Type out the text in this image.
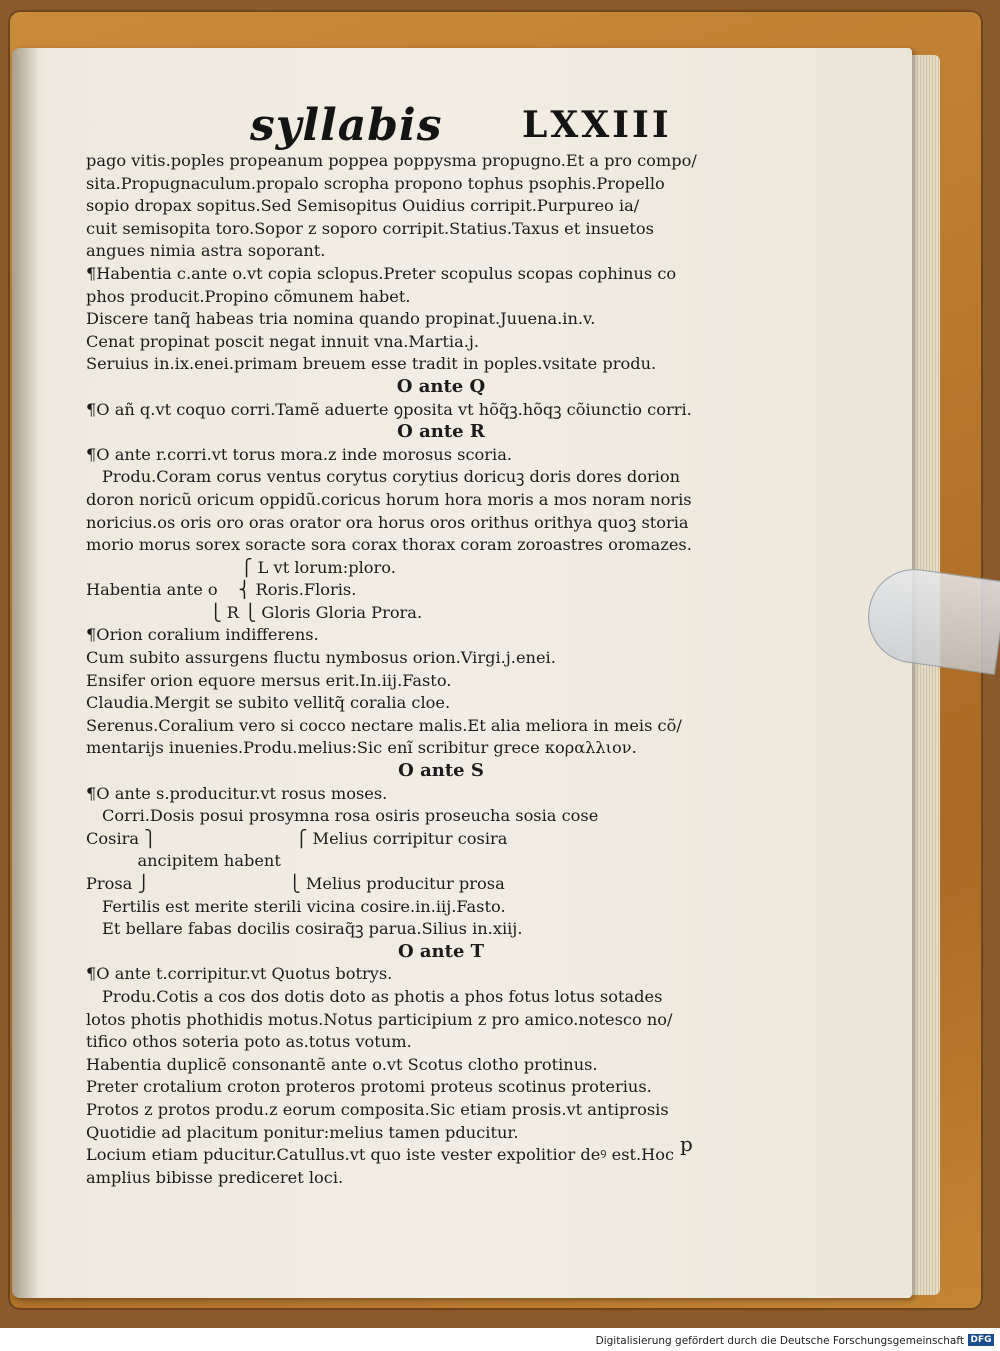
syllabis LXXIII
pago vitis.poples propeanum poppea poppysma propugno.Et a pro compo/
sita.Propugnaculum.propalo scropha propono tophus psophis.Propello
sopio dropax sopitus.Sed Semisopitus Ouidius corripit.Purpureo ia/
cuit semisopita toro.Sopor z soporo corripit.Statius.Taxus et insuetos
angues nimia astra soporant.
¶Habentia c.ante o.vt copia sclopus.Preter scopulus scopas cophinus co
phos producit.Propino cõmunem habet.
Discere tanq̃ habeas tria nomina quando propinat.Juuena.in.v.
Cenat propinat poscit negat innuit vna.Martia.j.
Seruius in.ix.enei.primam breuem esse tradit in poples.vsitate produ.
O ante Q
¶O añ q.vt coquo corri.Tamẽ aduerte ꝯposita vt hõq̃ꝫ.hõqꝫ cõiunctio corri.
O ante R
¶O ante r.corri.vt torus mora.z inde morosus scoria.
Produ.Coram corus ventus corytus corytius doricuꝫ doris dores dorion
doron noricũ oricum oppidũ.coricus horum hora moris a mos noram noris
noricius.os oris oro oras orator ora horus oros orithus orithya quoꝫ storia
morio morus sorex soracte sora corax thorax coram zoroastres oromazes.
⎧ L vt lorum:ploro.
Habentia ante o    ⎨ Roris.Floris.
⎩ R ⎩ Gloris Gloria Prora.
¶Orion coralium indifferens.
Cum subito assurgens fluctu nymbosus orion.Virgi.j.enei.
Ensifer orion equore mersus erit.In.iij.Fasto.
Claudia.Mergit se subito vellitq̃ coralia cloe.
Serenus.Coralium vero si cocco nectare malis.Et alia meliora in meis cõ/
mentarijs inuenies.Produ.melius:Sic enĩ scribitur grece κοραλλιον.
O ante S
¶O ante s.producitur.vt rosus moses.
Corri.Dosis posui prosymna rosa osiris proseucha sosia cose
Cosira ⎫                           ⎧ Melius corripitur cosira
ancipitem habent
Prosa ⎭                           ⎩ Melius producitur prosa
Fertilis est merite sterili vicina cosire.in.iij.Fasto.
Et bellare fabas docilis cosiraq̃ꝫ parua.Silius in.xiij.
O ante T
¶O ante t.corripitur.vt Quotus botrys.
Produ.Cotis a cos dos dotis doto as photis a phos fotus lotus sotades
lotos photis phothidis motus.Notus participium z pro amico.notesco no/
tifico othos soteria poto as.totus votum.
Habentia duplicẽ consonantẽ ante o.vt Scotus clotho protinus.
Preter crotalium croton proteros protomi proteus scotinus proterius.
Protos z protos produ.z eorum composita.Sic etiam prosis.vt antiprosis
Quotidie ad placitum ponitur:melius tamen pducitur.
Locium etiam pducitur.Catullus.vt quo iste vester expolitior deꝰ est.Hoc
amplius bibisse prediceret loci.
p
Digitalisierung gefördert durch die Deutsche Forschungsgemeinschaft DFG
